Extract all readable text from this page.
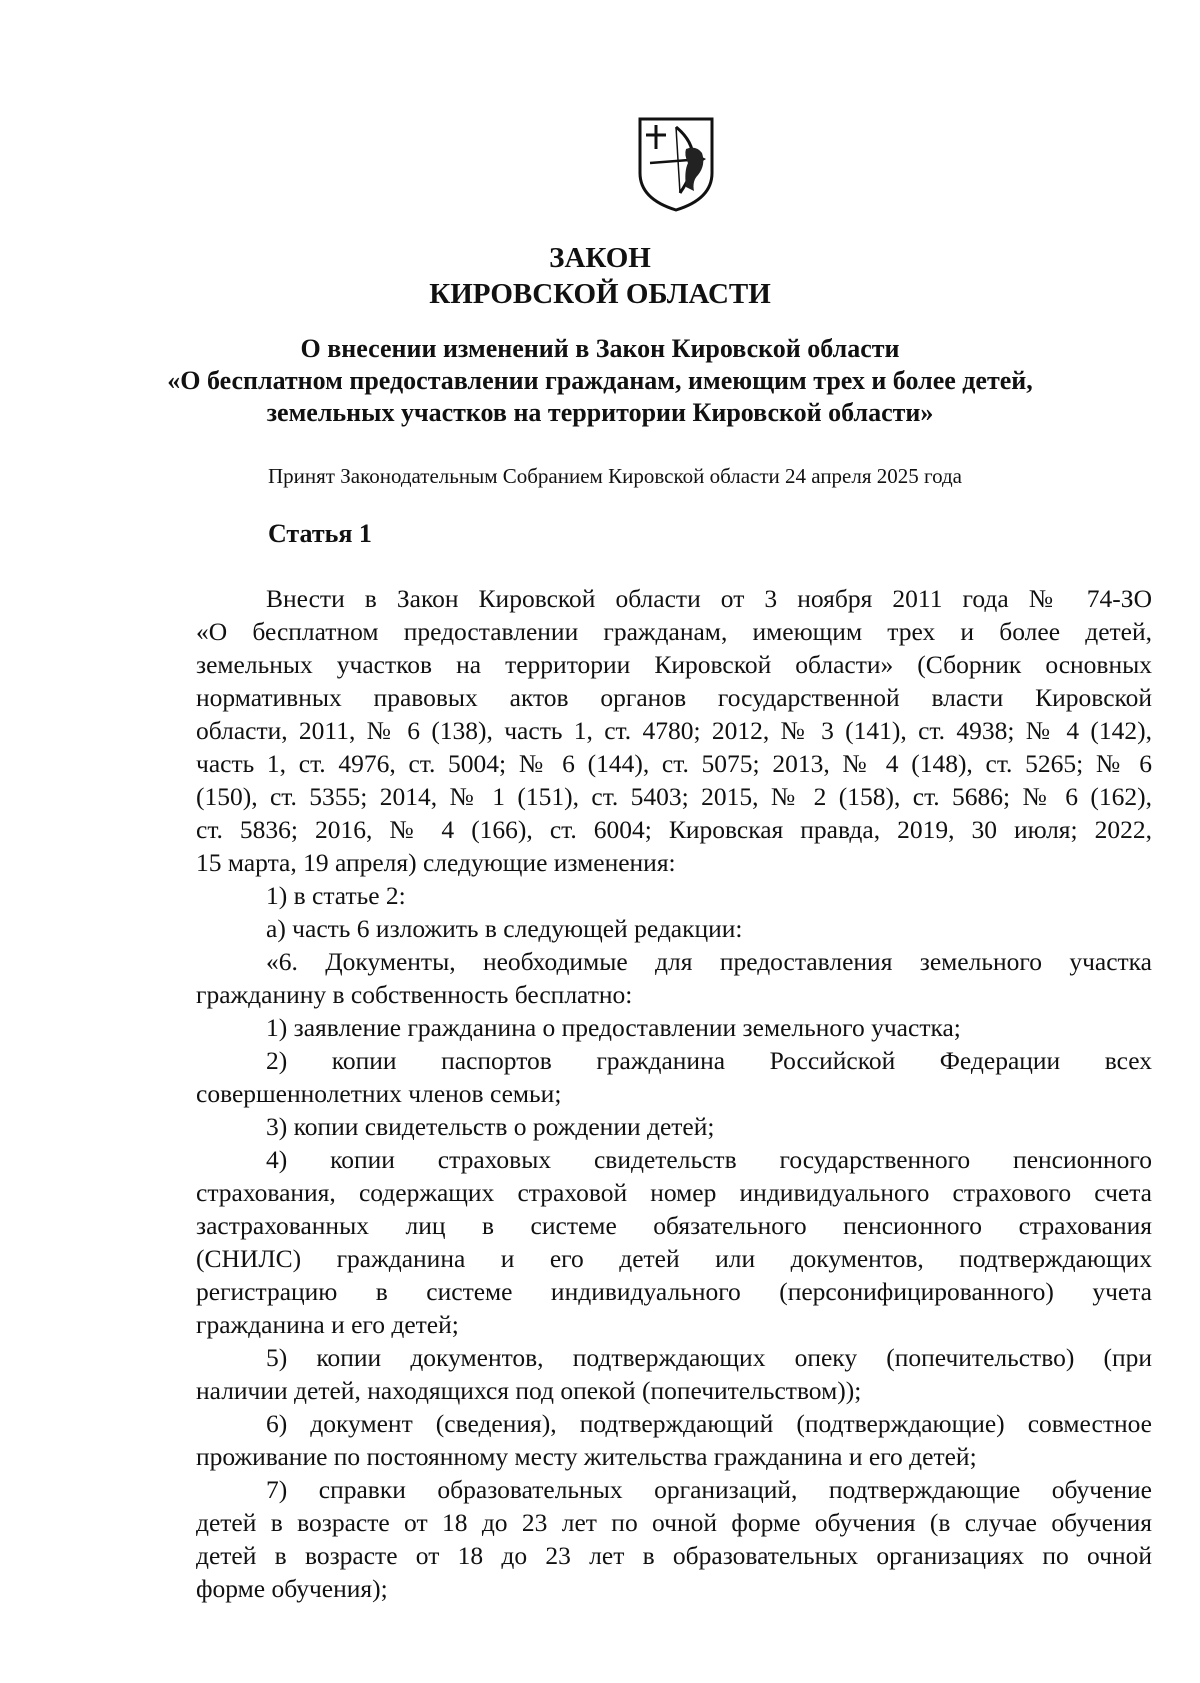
ЗАКОН
КИРОВСКОЙ ОБЛАСТИ
О внесении изменений в Закон Кировской области
«О бесплатном предоставлении гражданам, имеющим трех и более детей,
земельных участков на территории Кировской области»
Принят Законодательным Собранием Кировской области 24 апреля 2025 года
Статья 1
Внести в Закон Кировской области от 3 ноября 2011 года № 74-ЗО
«О бесплатном предоставлении гражданам, имеющим трех и более детей,
земельных участков на территории Кировской области» (Сборник основных
нормативных правовых актов органов государственной власти Кировской
области, 2011, № 6 (138), часть 1, ст. 4780; 2012, № 3 (141), ст. 4938; № 4 (142),
часть 1, ст. 4976, ст. 5004; № 6 (144), ст. 5075; 2013, № 4 (148), ст. 5265; № 6
(150), ст. 5355; 2014, № 1 (151), ст. 5403; 2015, № 2 (158), ст. 5686; № 6 (162),
ст. 5836; 2016, № 4 (166), ст. 6004; Кировская правда, 2019, 30 июля; 2022,
15 марта, 19 апреля) следующие изменения:
1) в статье 2:
а) часть 6 изложить в следующей редакции:
«6. Документы, необходимые для предоставления земельного участка
гражданину в собственность бесплатно:
1) заявление гражданина о предоставлении земельного участка;
2) копии паспортов гражданина Российской Федерации всех
совершеннолетних членов семьи;
3) копии свидетельств о рождении детей;
4) копии страховых свидетельств государственного пенсионного
страхования, содержащих страховой номер индивидуального страхового счета
застрахованных лиц в системе обязательного пенсионного страхования
(СНИЛС) гражданина и его детей или документов, подтверждающих
регистрацию в системе индивидуального (персонифицированного) учета
гражданина и его детей;
5) копии документов, подтверждающих опеку (попечительство) (при
наличии детей, находящихся под опекой (попечительством));
6) документ (сведения), подтверждающий (подтверждающие) совместное
проживание по постоянному месту жительства гражданина и его детей;
7) справки образовательных организаций, подтверждающие обучение
детей в возрасте от 18 до 23 лет по очной форме обучения (в случае обучения
детей в возрасте от 18 до 23 лет в образовательных организациях по очной
форме обучения);
